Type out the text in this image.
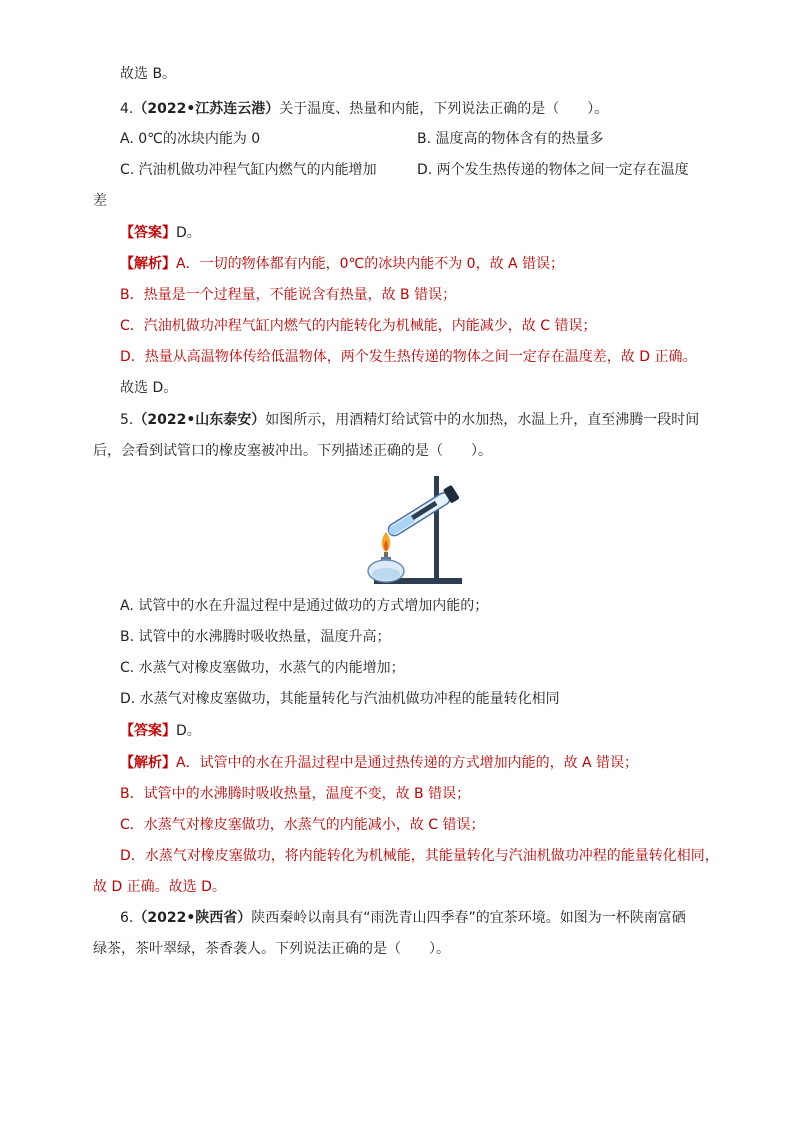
故选 B。
4.（2022•江苏连云港）关于温度、热量和内能，下列说法正确的是（　　）。
A. 0℃的冰块内能为 0	B. 温度高的物体含有的热量多
C. 汽油机做功冲程气缸内燃气的内能增加	D. 两个发生热传递的物体之间一定存在温度
差
【答案】D。
【解析】A．一切的物体都有内能，0℃的冰块内能不为 0，故 A 错误；
B．热量是一个过程量，不能说含有热量，故 B 错误；
C．汽油机做功冲程气缸内燃气的内能转化为机械能，内能减少，故 C 错误；
D．热量从高温物体传给低温物体，两个发生热传递的物体之间一定存在温度差，故 D 正确。
故选 D。
5.（2022•山东泰安）如图所示，用酒精灯给试管中的水加热，水温上升，直至沸腾一段时间
后，会看到试管口的橡皮塞被冲出。下列描述正确的是（　　）。
A. 试管中的水在升温过程中是通过做功的方式增加内能的；
B. 试管中的水沸腾时吸收热量，温度升高；
C. 水蒸气对橡皮塞做功，水蒸气的内能增加；
D. 水蒸气对橡皮塞做功，其能量转化与汽油机做功冲程的能量转化相同
【答案】D。
【解析】A．试管中的水在升温过程中是通过热传递的方式增加内能的，故 A 错误；
B．试管中的水沸腾时吸收热量，温度不变，故 B 错误；
C．水蒸气对橡皮塞做功，水蒸气的内能减小，故 C 错误；
D．水蒸气对橡皮塞做功，将内能转化为机械能，其能量转化与汽油机做功冲程的能量转化相同，
故 D 正确。故选 D。
6.（2022•陕西省）陕西秦岭以南具有“雨洗青山四季春”的宜茶环境。如图为一杯陕南富硒
绿茶，茶叶翠绿，茶香袭人。下列说法正确的是（　　）。
